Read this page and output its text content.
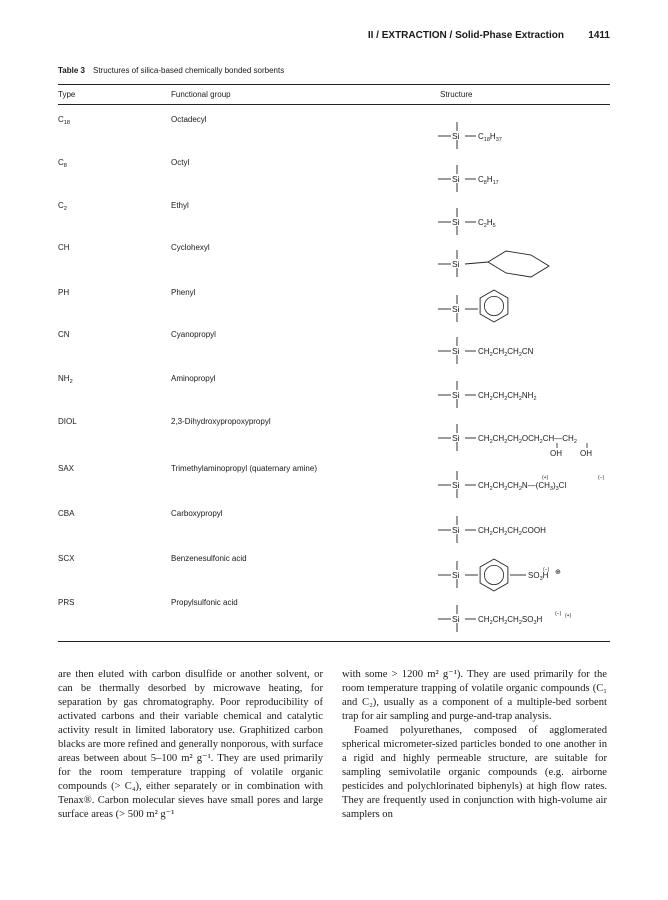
II / EXTRACTION / Solid-Phase Extraction 1411
Table 3 Structures of silica-based chemically bonded sorbents
Type	Functional group	Structure
$C_{18}$	Octadecyl
Si $C_{18}H_{37}$
$C_8$	Octyl
Si $C_8H_{17}$
$C_2$	Ethyl
Si $C_2H_5$
CH	Cyclohexyl
Si
PH	Phenyl
Si
CN	Cyanopropyl
Si $CH_2CH_2CH_2CN$
$NH_2$	Aminopropyl
Si $CH_2CH_2CH_2NH_2$
DIOL	2,3-Dihydroxypropoxypropyl
Si $CH_2CH_2CH_2OCH_2CH—CH_2$
OH OH
SAX	Trimethylaminopropyl (quaternary amine)
Si $CH_2CH_2CH_2N—(CH_3)_3Cl$
(+)	(−)
CBA	Carboxypropyl
Si $CH_2CH_2CH_2COOH$
SCX	Benzenesulfonic acid
Si	$SO_3H$
(−) ⊕
PRS	Propylsulfonic acid
Si $CH_2CH_2CH_2SO_3H$
(−) (+)

are then eluted with carbon disulfide or another solvent, or can be thermally desorbed by microwave heating, for separation by gas chromatography. Poor reproducibility of activated carbons and their variable chemical and catalytic activity result in limited laboratory use. Graphitized carbon blacks are more refined and generally nonporous, with surface areas between about 5–100 m² g⁻¹. They are used primarily for the room temperature trapping of volatile organic compounds (> C₄), either separately or in combination with Tenax®. Carbon molecular sieves have small pores and large surface areas (> 500 m² g⁻¹

with some > 1200 m² g⁻¹). They are used primarily for the room temperature trapping of volatile organic compounds (C₁ and C₂), usually as a component of a multiple-bed sorbent trap for air sampling and purge-and-trap analysis.

Foamed polyurethanes, composed of agglomerated spherical micrometer-sized particles bonded to one another in a rigid and highly permeable structure, are suitable for sampling semivolatile organic compounds (e.g. airborne pesticides and polychlorinated biphenyls) at high flow rates. They are frequently used in conjunction with high-volume air samplers on
